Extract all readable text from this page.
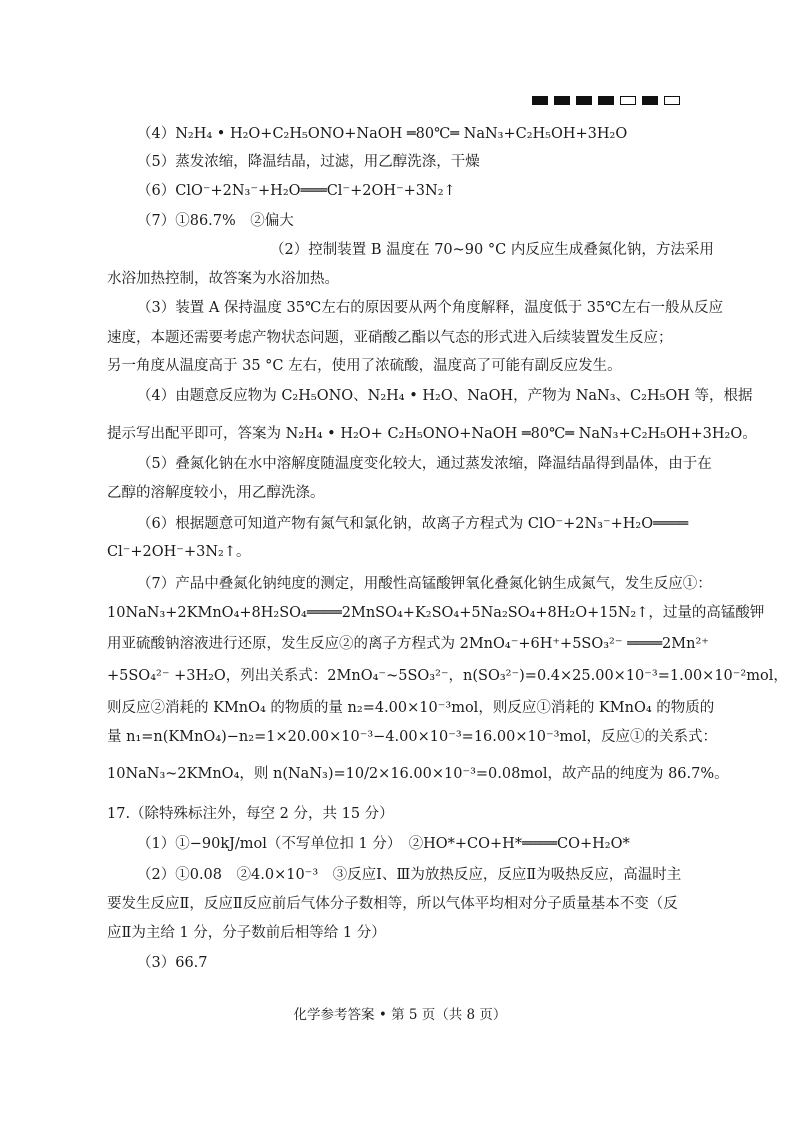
（4）N₂H₄ • H₂O+C₂H₅ONO+NaOH ═80℃═ NaN₃+C₂H₅OH+3H₂O
（5）蒸发浓缩，降温结晶，过滤，用乙醇洗涤，干燥
（6）ClO⁻+2N₃⁻+H₂O═══Cl⁻+2OH⁻+3N₂↑
（7）①86.7%　②偏大
（2）控制装置 B 温度在 70~90 °C 内反应生成叠氮化钠，方法采用
水浴加热控制，故答案为水浴加热。
（3）装置 A 保持温度 35℃左右的原因要从两个角度解释，温度低于 35℃左右一般从反应
速度，本题还需要考虑产物状态问题，亚硝酸乙酯以气态的形式进入后续装置发生反应；
另一角度从温度高于 35 °C 左右，使用了浓硫酸，温度高了可能有副反应发生。
（4）由题意反应物为 C₂H₅ONO、N₂H₄ • H₂O、NaOH，产物为 NaN₃、C₂H₅OH 等，根据
提示写出配平即可，答案为 N₂H₄ • H₂O+ C₂H₅ONO+NaOH ═80℃═ NaN₃+C₂H₅OH+3H₂O。
（5）叠氮化钠在水中溶解度随温度变化较大，通过蒸发浓缩，降温结晶得到晶体，由于在
乙醇的溶解度较小，用乙醇洗涤。
（6）根据题意可知道产物有氮气和氯化钠，故离子方程式为 ClO⁻+2N₃⁻+H₂O════
Cl⁻+2OH⁻+3N₂↑。
（7）产品中叠氮化钠纯度的测定，用酸性高锰酸钾氧化叠氮化钠生成氮气，发生反应①：
10NaN₃+2KMnO₄+8H₂SO₄════2MnSO₄+K₂SO₄+5Na₂SO₄+8H₂O+15N₂↑，过量的高锰酸钾
用亚硫酸钠溶液进行还原，发生反应②的离子方程式为 2MnO₄⁻+6H⁺+5SO₃²⁻ ════2Mn²⁺
+5SO₄²⁻ +3H₂O，列出关系式：2MnO₄⁻~5SO₃²⁻，n(SO₃²⁻)=0.4×25.00×10⁻³=1.00×10⁻²mol，
则反应②消耗的 KMnO₄ 的物质的量 n₂=4.00×10⁻³mol，则反应①消耗的 KMnO₄ 的物质的
量 n₁=n(KMnO₄)−n₂=1×20.00×10⁻³−4.00×10⁻³=16.00×10⁻³mol，反应①的关系式：
10NaN₃~2KMnO₄，则 n(NaN₃)=10/2×16.00×10⁻³=0.08mol，故产品的纯度为 86.7%。
17.（除特殊标注外，每空 2 分，共 15 分）
（1）①−90kJ/mol（不写单位扣 1 分）　②HO*+CO+H*════CO+H₂O*
（2）①0.08　②4.0×10⁻³　③反应Ⅰ、Ⅲ为放热反应，反应Ⅱ为吸热反应，高温时主
要发生反应Ⅱ，反应Ⅱ反应前后气体分子数相等，所以气体平均相对分子质量基本不变（反
应Ⅱ为主给 1 分，分子数前后相等给 1 分）
（3）66.7
化学参考答案 • 第 5 页（共 8 页）
